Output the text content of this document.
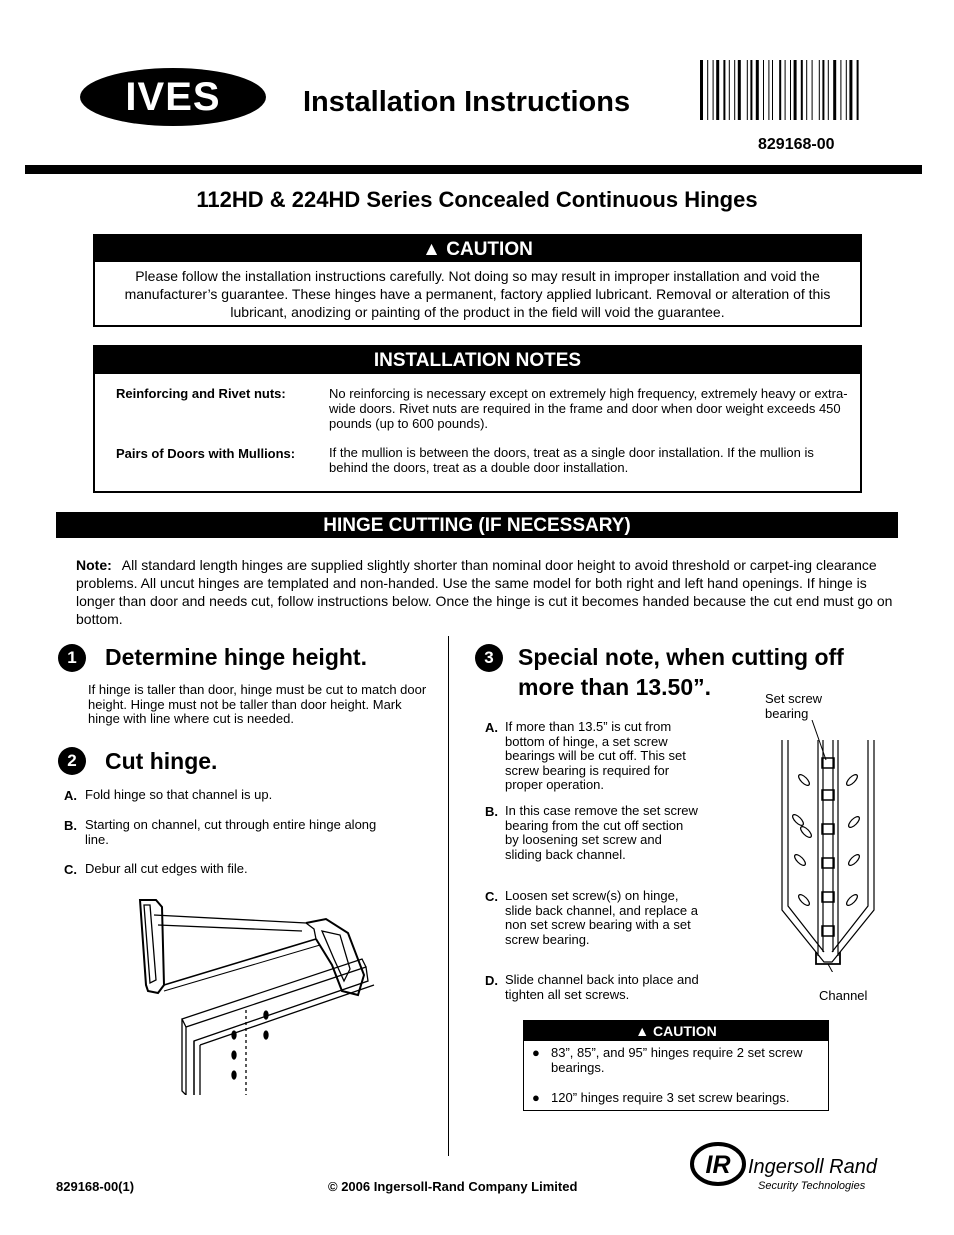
IVES	Installation Instructions
829168-00
112HD & 224HD Series Concealed Continuous Hinges
▲ CAUTION
Please follow the installation instructions carefully. Not doing so may result in improper installation and void the manufacturer’s guarantee. These hinges have a permanent, factory applied lubricant. Removal or alteration of this lubricant, anodizing or painting of the product in the field will void the guarantee.
INSTALLATION NOTES
Reinforcing and Rivet nuts:	No reinforcing is necessary except on extremely high frequency, extremely heavy or extra-wide doors. Rivet nuts are required in the frame and door when door weight exceeds 450 pounds (up to 600 pounds).
Pairs of Doors with Mullions:	If the mullion is between the doors, treat as a single door installation. If the mullion is behind the doors, treat as a double door installation.
HINGE CUTTING (IF NECESSARY)
Note: All standard length hinges are supplied slightly shorter than nominal door height to avoid threshold or carpet-ing clearance problems. All uncut hinges are templated and non-handed. Use the same model for both right and left hand openings. If hinge is longer than door and needs cut, follow instructions below. Once the hinge is cut it becomes handed because the cut end must go on bottom.
1	Determine hinge height.
If hinge is taller than door, hinge must be cut to match door height. Hinge must not be taller than door height. Mark hinge with line where cut is needed.
2	Cut hinge.
A. Fold hinge so that channel is up.
B. Starting on channel, cut through entire hinge along line.
C. Debur all cut edges with file.
3	Special note, when cutting off more than 13.50”.
A. If more than 13.5” is cut from bottom of hinge, a set screw bearings will be cut off. This set screw bearing is required for proper operation.
B. In this case remove the set screw bearing from the cut off section by loosening set screw and sliding back channel.
C. Loosen set screw(s) on hinge, slide back channel, and replace a non set screw bearing with a set screw bearing.
D. Slide channel back into place and tighten all set screws.
Set screw bearing
Channel
▲ CAUTION
● 83”, 85”, and 95” hinges require 2 set screw bearings.
● 120” hinges require 3 set screw bearings.
829168-00(1)	© 2006 Ingersoll-Rand Company Limited
IR Ingersoll Rand
Security Technologies
